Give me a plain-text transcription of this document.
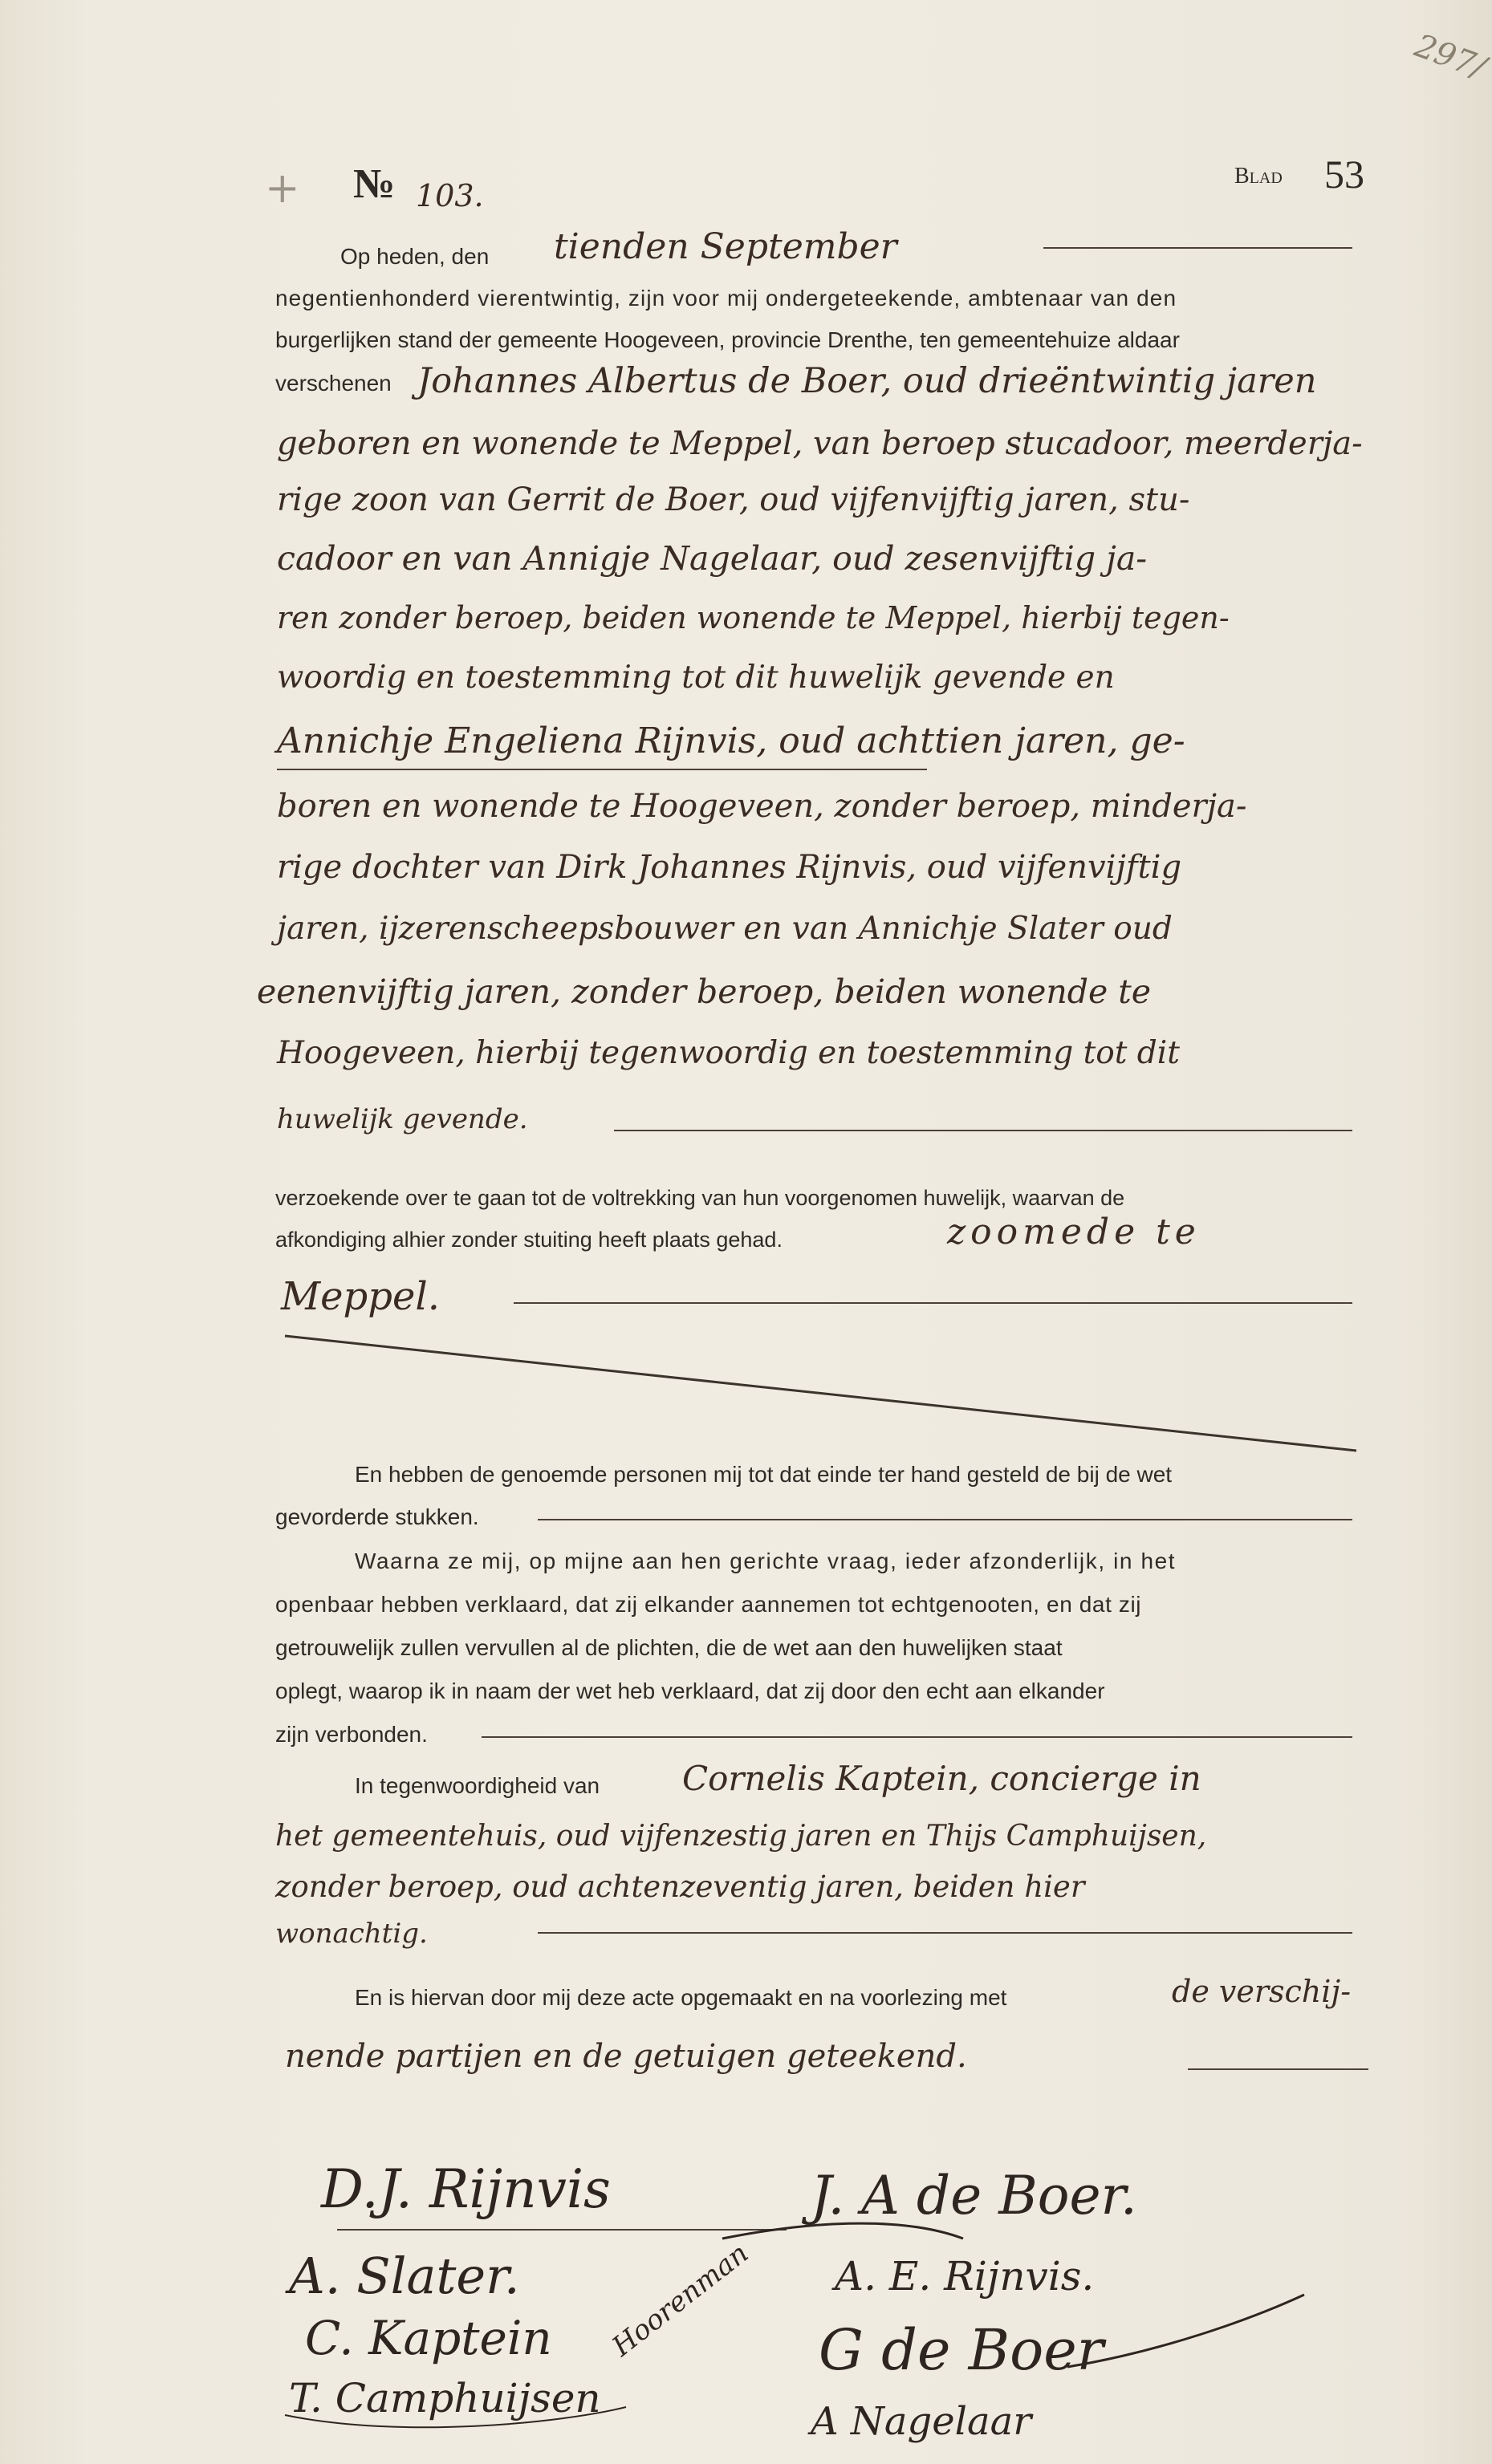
+ № 103.
Blad 53
297/
Op heden, den tienden September
negentienhonderd vierentwintig, zijn voor mij ondergeteekende, ambtenaar van den
burgerlijken stand der gemeente Hoogeveen, provincie Drenthe, ten gemeentehuize aldaar
verschenen Johannes Albertus de Boer, oud drieëntwintig jaren
geboren en wonende te Meppel, van beroep stucadoor, meerderja-
rige zoon van Gerrit de Boer, oud vijfenvijftig jaren, stu-
cadoor en van Annigje Nagelaar, oud zesenvijftig ja-
ren zonder beroep, beiden wonende te Meppel, hierbij tegen-
woordig en toestemming tot dit huwelijk gevende en
Annichje Engeliena Rijnvis, oud achttien jaren, ge-
boren en wonende te Hoogeveen, zonder beroep, minderja-
rige dochter van Dirk Johannes Rijnvis, oud vijfenvijftig
jaren, ijzerenscheepsbouwer en van Annichje Slater oud
eenenvijftig jaren, zonder beroep, beiden wonende te
Hoogeveen, hierbij tegenwoordig en toestemming tot dit
huwelijk gevende.
verzoekende over te gaan tot de voltrekking van hun voorgenomen huwelijk, waarvan de
afkondiging alhier zonder stuiting heeft plaats gehad.	zoomede te
Meppel.
En hebben de genoemde personen mij tot dat einde ter hand gesteld de bij de wet
gevorderde stukken.
Waarna ze mij, op mijne aan hen gerichte vraag, ieder afzonderlijk, in het
openbaar hebben verklaard, dat zij elkander aannemen tot echtgenooten, en dat zij
getrouwelijk zullen vervullen al de plichten, die de wet aan den huwelijken staat
oplegt, waarop ik in naam der wet heb verklaard, dat zij door den echt aan elkander
zijn verbonden.
In tegenwoordigheid van Cornelis Kaptein, concierge in
het gemeentehuis, oud vijfenzestig jaren en Thijs Camphuijsen,
zonder beroep, oud achtenzeventig jaren, beiden hier
wonachtig.
En is hiervan door mij deze acte opgemaakt en na voorlezing met	de verschij-
nende partijen en de getuigen geteekend.
D.J. Rijnvis	J. A de Boer.
A. Slater.	A. E. Rijnvis.
C. Kaptein	G de Boer
T. Camphuijsen
Hoorenman
A Nagelaar
